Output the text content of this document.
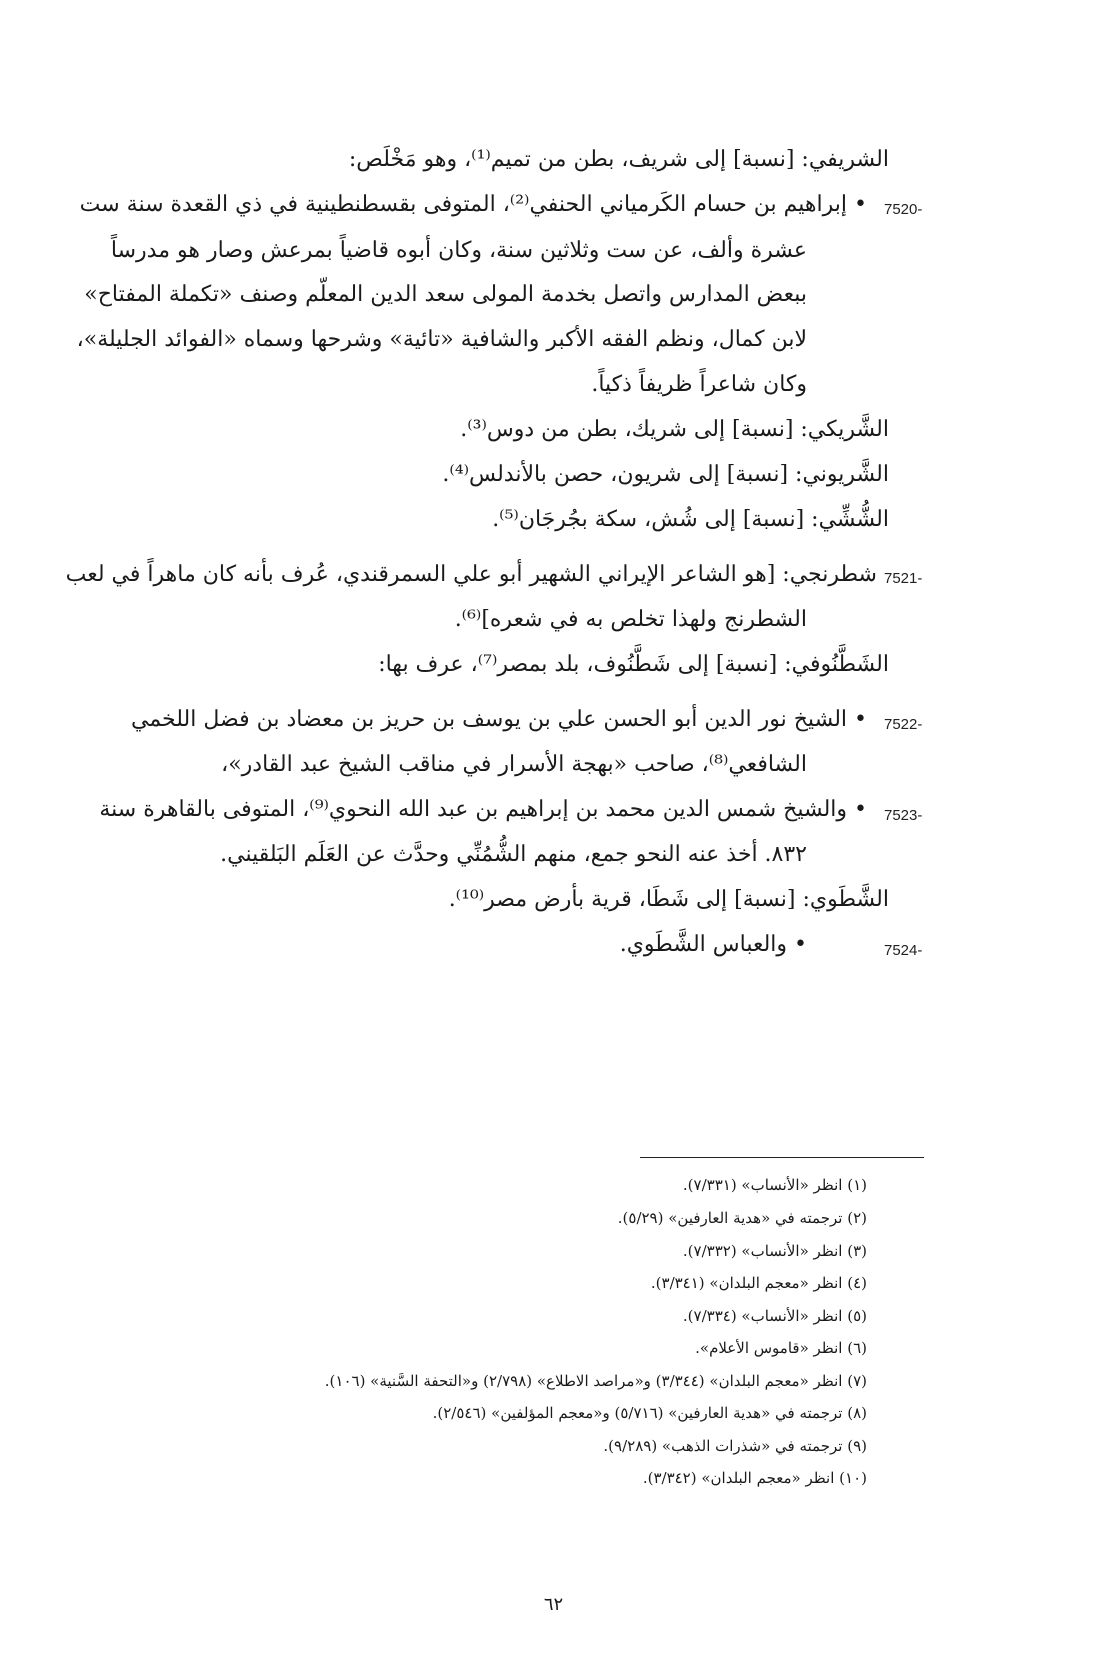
الشريفي: [نسبة] إلى شريف، بطن من تميم⁽¹⁾، وهو مَخْلَص:
7520-
• إبراهيم بن حسام الكَرمياني الحنفي⁽²⁾، المتوفى بقسطنطينية في ذي القعدة سنة ست
عشرة وألف، عن ست وثلاثين سنة، وكان أبوه قاضياً بمرعش وصار هو مدرساً
ببعض المدارس واتصل بخدمة المولى سعد الدين المعلّم وصنف «تكملة المفتاح»
لابن كمال، ونظم الفقه الأكبر والشافية «تائية» وشرحها وسماه «الفوائد الجليلة»،
وكان شاعراً ظريفاً ذكياً.
الشَّريكي: [نسبة] إلى شريك، بطن من دوس⁽³⁾.
الشَّريوني: [نسبة] إلى شريون، حصن بالأندلس⁽⁴⁾.
الشُّشِّي: [نسبة] إلى شُش، سكة بجُرجَان⁽⁵⁾.
7521-
شطرنجي: [هو الشاعر الإيراني الشهير أبو علي السمرقندي، عُرف بأنه كان ماهراً في لعب
الشطرنج ولهذا تخلص به في شعره]⁽⁶⁾.
الشَطَّنُوفي: [نسبة] إلى شَطَّنُوف، بلد بمصر⁽⁷⁾، عرف بها:
7522-
• الشيخ نور الدين أبو الحسن علي بن يوسف بن حريز بن معضاد بن فضل اللخمي
الشافعي⁽⁸⁾، صاحب «بهجة الأسرار في مناقب الشيخ عبد القادر»،
7523-
• والشيخ شمس الدين محمد بن إبراهيم بن عبد الله النحوي⁽⁹⁾، المتوفى بالقاهرة سنة
٨٣٢. أخذ عنه النحو جمع، منهم الشُّمُنِّي وحدَّث عن العَلَم البَلقيني.
الشَّطَوي: [نسبة] إلى شَطَا، قرية بأرض مصر⁽¹⁰⁾.
7524-
• والعباس الشَّطَوي.
(١) انظر «الأنساب» (٧/٣٣١).
(٢) ترجمته في «هدية العارفين» (٥/٢٩).
(٣) انظر «الأنساب» (٧/٣٣٢).
(٤) انظر «معجم البلدان» (٣/٣٤١).
(٥) انظر «الأنساب» (٧/٣٣٤).
(٦) انظر «قاموس الأعلام».
(٧) انظر «معجم البلدان» (٣/٣٤٤) و«مراصد الاطلاع» (٢/٧٩٨) و«التحفة السَّنية» (١٠٦).
(٨) ترجمته في «هدية العارفين» (٥/٧١٦) و«معجم المؤلفين» (٢/٥٤٦).
(٩) ترجمته في «شذرات الذهب» (٩/٢٨٩).
(١٠) انظر «معجم البلدان» (٣/٣٤٢).
٦٢
